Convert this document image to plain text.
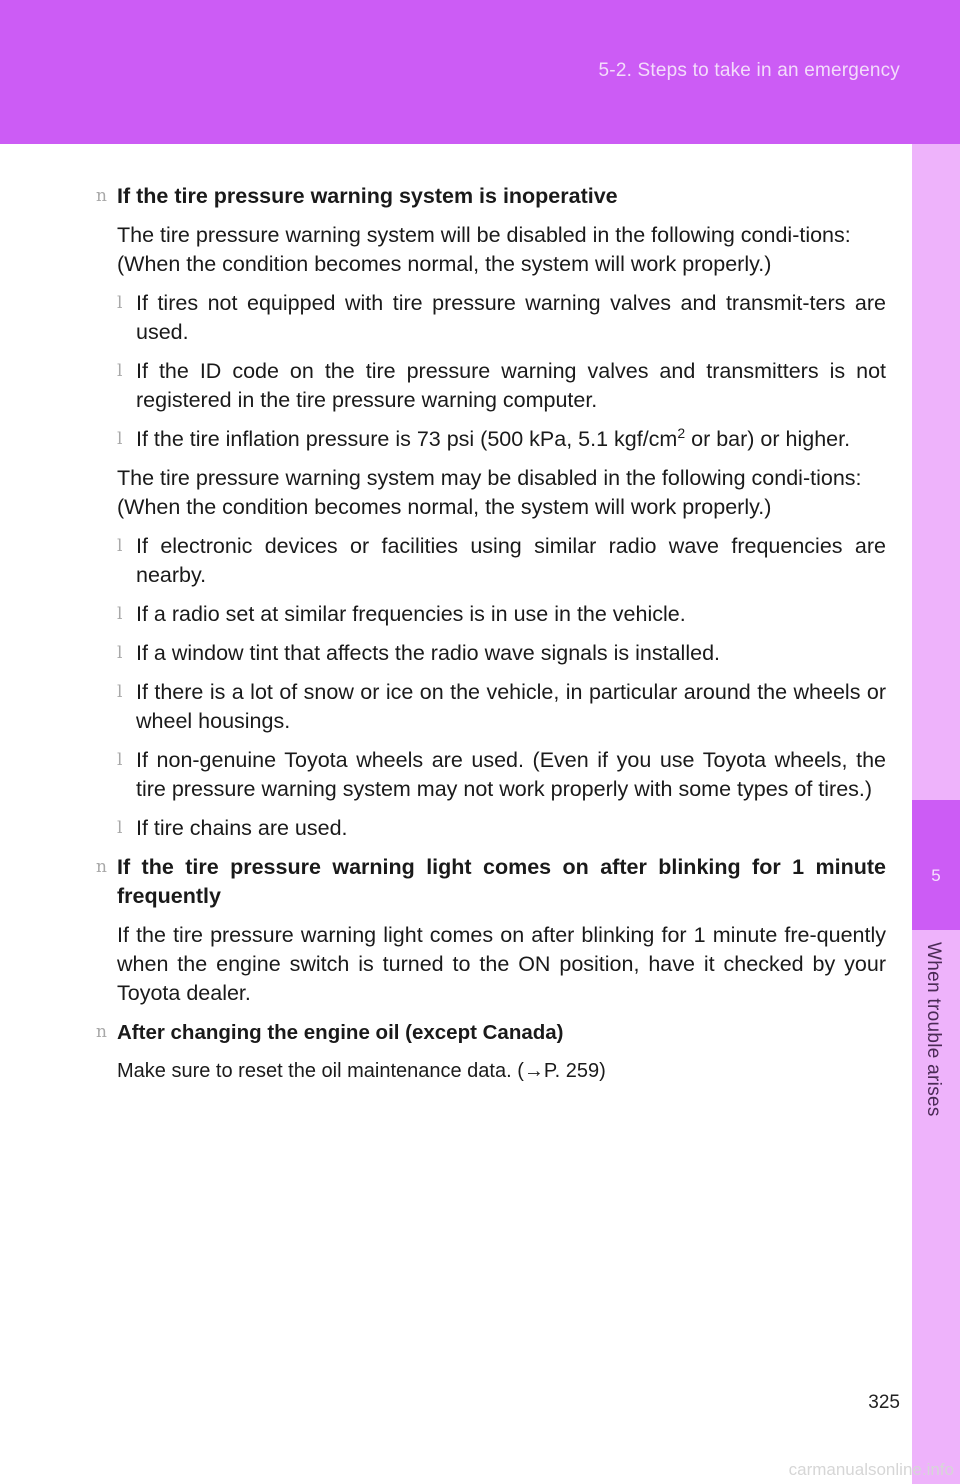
5-2. Steps to take in an emergency
5
When trouble arises
n If the tire pressure warning system is inoperative
The tire pressure warning system will be disabled in the following condi-tions:
(When the condition becomes normal, the system will work properly.)
l If tires not equipped with tire pressure warning valves and transmit-ters are used.
l If the ID code on the tire pressure warning valves and transmitters is not registered in the tire pressure warning computer.
l If the tire inflation pressure is 73 psi (500 kPa, 5.1 kgf/$cm^2$ or bar) or higher.
The tire pressure warning system may be disabled in the following condi-tions:
(When the condition becomes normal, the system will work properly.)
l If electronic devices or facilities using similar radio wave frequencies are nearby.
l If a radio set at similar frequencies is in use in the vehicle.
l If a window tint that affects the radio wave signals is installed.
l If there is a lot of snow or ice on the vehicle, in particular around the wheels or wheel housings.
l If non-genuine Toyota wheels are used. (Even if you use Toyota wheels, the tire pressure warning system may not work properly with some types of tires.)
l If tire chains are used.
n If the tire pressure warning light comes on after blinking for 1 minute frequently
If the tire pressure warning light comes on after blinking for 1 minute fre-quently when the engine switch is turned to the ON position, have it checked by your Toyota dealer.
n After changing the engine oil (except Canada)
Make sure to reset the oil maintenance data. (→P. 259)
325
carmanualsonline.info
